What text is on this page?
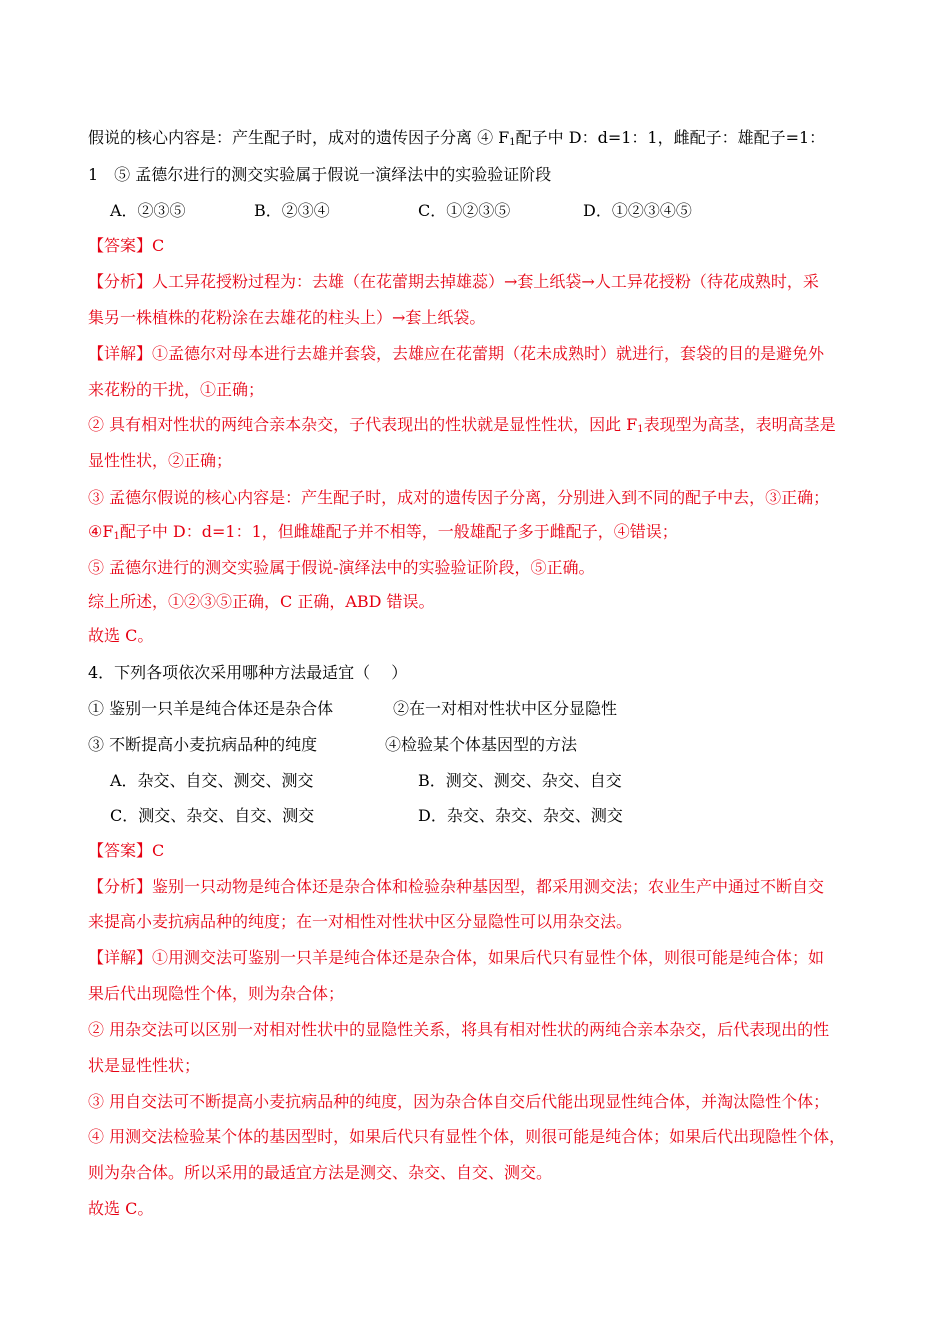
假说的核心内容是：产生配子时，成对的遗传因子分离 ④ $F_1$配子中 D：d=1：1，雌配子：雄配子=1：
1　⑤ 孟德尔进行的测交实验属于假说一演绎法中的实验验证阶段
A．②③⑤	B．②③④	C．①②③⑤	D．①②③④⑤
【答案】C
【分析】人工异花授粉过程为：去雄（在花蕾期去掉雄蕊）→套上纸袋→人工异花授粉（待花成熟时，采
集另一株植株的花粉涂在去雄花的柱头上）→套上纸袋。
【详解】①孟德尔对母本进行去雄并套袋，去雄应在花蕾期（花未成熟时）就进行，套袋的目的是避免外
来花粉的干扰，①正确；
② 具有相对性状的两纯合亲本杂交，子代表现出的性状就是显性性状，因此 $F_1$表现型为高茎，表明高茎是
显性性状，②正确；
③ 孟德尔假说的核心内容是：产生配子时，成对的遗传因子分离，分别进入到不同的配子中去，③正确；
$④F_1$配子中 D：d=1：1，但雌雄配子并不相等，一般雄配子多于雌配子，④错误；
⑤ 孟德尔进行的测交实验属于假说-演绎法中的实验验证阶段，⑤正确。
综上所述，①②③⑤正确，C 正确，ABD 错误。
故选 C。
4．下列各项依次采用哪种方法最适宜（　 ）
① 鉴别一只羊是纯合体还是杂合体	②在一对相对性状中区分显隐性
③ 不断提高小麦抗病品种的纯度	④检验某个体基因型的方法
A．杂交、自交、测交、测交	B．测交、测交、杂交、自交
C．测交、杂交、自交、测交	D．杂交、杂交、杂交、测交
【答案】C
【分析】鉴别一只动物是纯合体还是杂合体和检验杂种基因型，都采用测交法；农业生产中通过不断自交
来提高小麦抗病品种的纯度；在一对相性对性状中区分显隐性可以用杂交法。
【详解】①用测交法可鉴别一只羊是纯合体还是杂合体，如果后代只有显性个体，则很可能是纯合体；如
果后代出现隐性个体，则为杂合体；
② 用杂交法可以区别一对相对性状中的显隐性关系，将具有相对性状的两纯合亲本杂交，后代表现出的性
状是显性性状；
③ 用自交法可不断提高小麦抗病品种的纯度，因为杂合体自交后代能出现显性纯合体，并淘汰隐性个体；
④ 用测交法检验某个体的基因型时，如果后代只有显性个体，则很可能是纯合体；如果后代出现隐性个体，
则为杂合体。所以采用的最适宜方法是测交、杂交、自交、测交。
故选 C。
